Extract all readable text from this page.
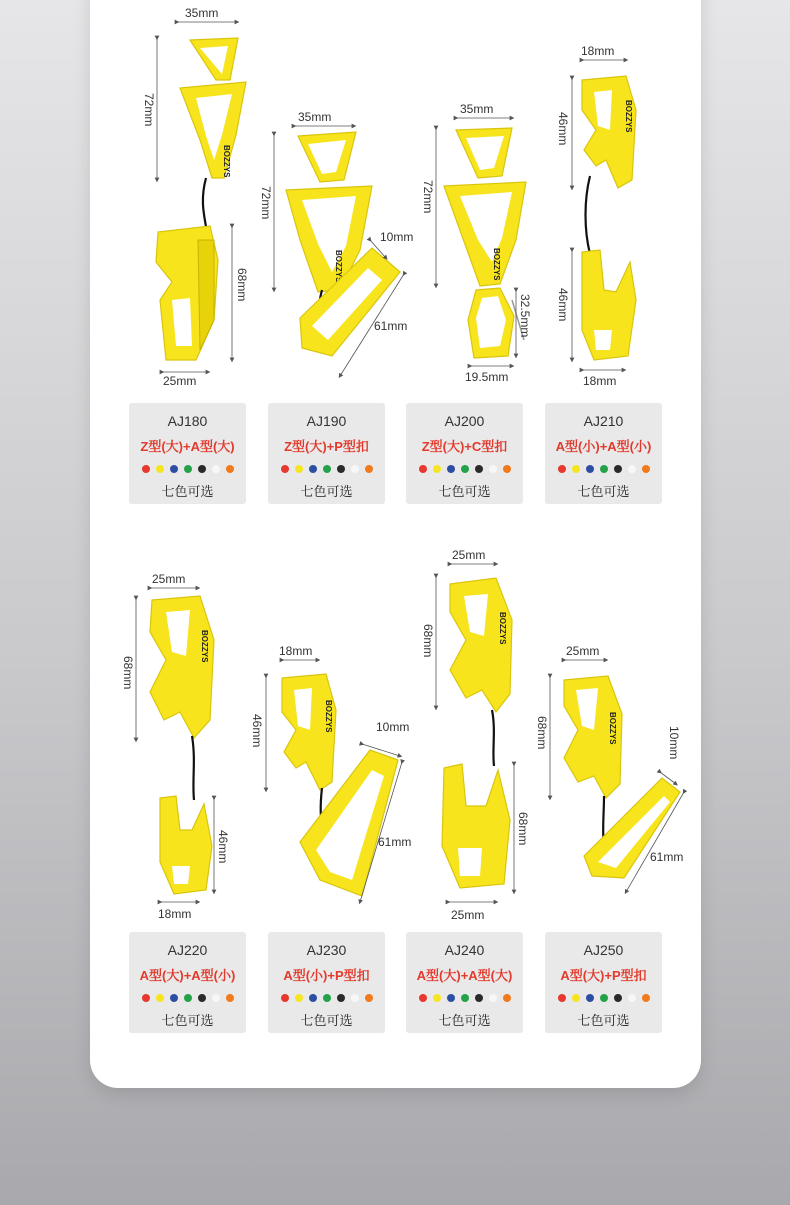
BOZZYS
35mm
72mm
68mm
25mm
BOZZYS
35mm
72mm
10mm
61mm
BOZZYS
35mm
72mm
32.5mm
19.5mm
BOZZYS
18mm
46mm
46mm
18mm
BOZZYS
25mm
68mm
46mm
18mm
BOZZYS
18mm
46mm	10mm
61mm
BOZZYS
25mm
68mm
68mm
25mm
BOZZYS
25mm
68mm	10mm
61mm
AJ180
Z型(大)+A型(大)
七色可选
AJ190
Z型(大)+P型扣
七色可选
AJ200
Z型(大)+C型扣
七色可选
AJ210
A型(小)+A型(小)
七色可选
AJ220
A型(大)+A型(小)
七色可选
AJ230
A型(小)+P型扣
七色可选
AJ240
A型(大)+A型(大)
七色可选
AJ250
A型(大)+P型扣
七色可选
